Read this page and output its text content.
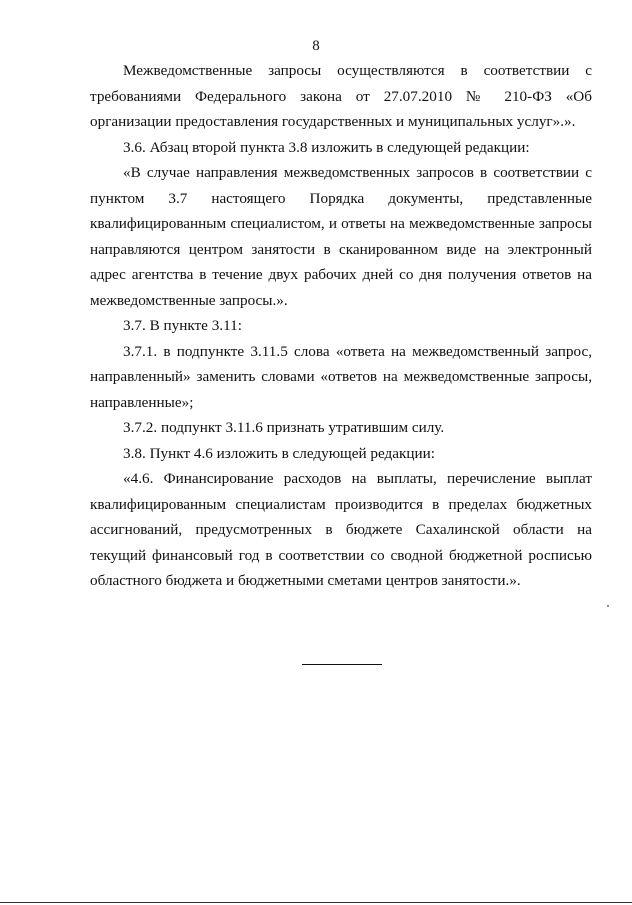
8

Межведомственные запросы осуществляются в соответствии с требованиями Федерального закона от 27.07.2010 № 210-ФЗ «Об организации предоставления государственных и муниципальных услуг».».

3.6. Абзац второй пункта 3.8 изложить в следующей редакции:

«В случае направления межведомственных запросов в соответствии с пунктом 3.7 настоящего Порядка документы, представленные квалифицированным специалистом, и ответы на межведомственные запросы направляются центром занятости в сканированном виде на электронный адрес агентства в течение двух рабочих дней со дня получения ответов на межведомственные запросы.».

3.7. В пункте 3.11:

3.7.1. в подпункте 3.11.5 слова «ответа на межведомственный запрос, направленный» заменить словами «ответов на межведомственные запросы, направленные»;

3.7.2. подпункт 3.11.6 признать утратившим силу.

3.8. Пункт 4.6 изложить в следующей редакции:

«4.6. Финансирование расходов на выплаты, перечисление выплат квалифицированным специалистам производится в пределах бюджетных ассигнований, предусмотренных в бюджете Сахалинской области на текущий финансовый год в соответствии со сводной бюджетной росписью областного бюджета и бюджетными сметами центров занятости.».
